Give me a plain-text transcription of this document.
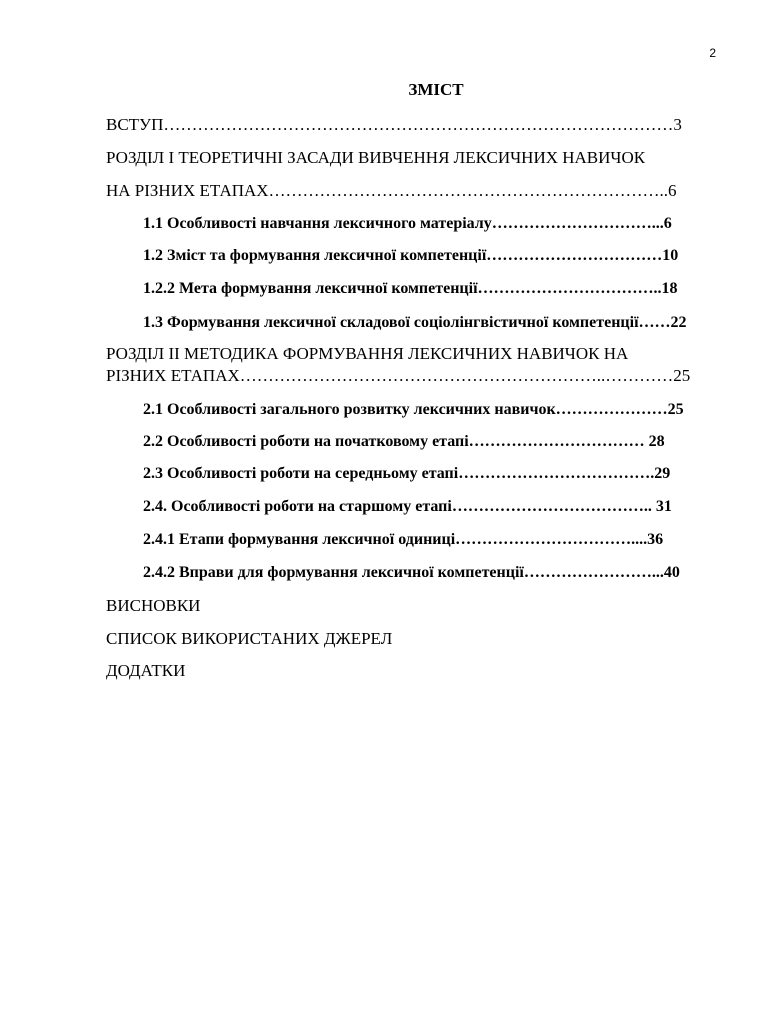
2
ЗМІСТ
ВСТУП………………………………………………………………………………3
РОЗДІЛ І ТЕОРЕТИЧНІ ЗАСАДИ ВИВЧЕННЯ ЛЕКСИЧНИХ НАВИЧОК
НА РІЗНИХ ЕТАПАХ……………………………………………………………..6
1.1 Особливості навчання лексичного матеріалу…………………………...6
1.2 Зміст та формування лексичної компетенції……………………………10
1.2.2 Мета формування лексичної компетенції……………………………..18
1.3 Формування лексичної складової соціолінгвістичної компетенції……22
РОЗДІЛ ІІ МЕТОДИКА ФОРМУВАННЯ ЛЕКСИЧНИХ НАВИЧОК НА
РІЗНИХ ЕТАПАХ………………………………………………………..…………25
2.1 Особливості загального розвитку лексичних навичок…………………25
2.2 Особливості роботи на початковому етапі…………………………… 28
2.3 Особливості роботи на середньому етапі……………………………….29
2.4. Особливості роботи на старшому етапі……………………………….. 31
2.4.1 Етапи формування лексичної одиниці……………………………....36
2.4.2 Вправи для формування лексичної компетенції……………………...40
ВИСНОВКИ
СПИСОК ВИКОРИСТАНИХ ДЖЕРЕЛ
ДОДАТКИ
